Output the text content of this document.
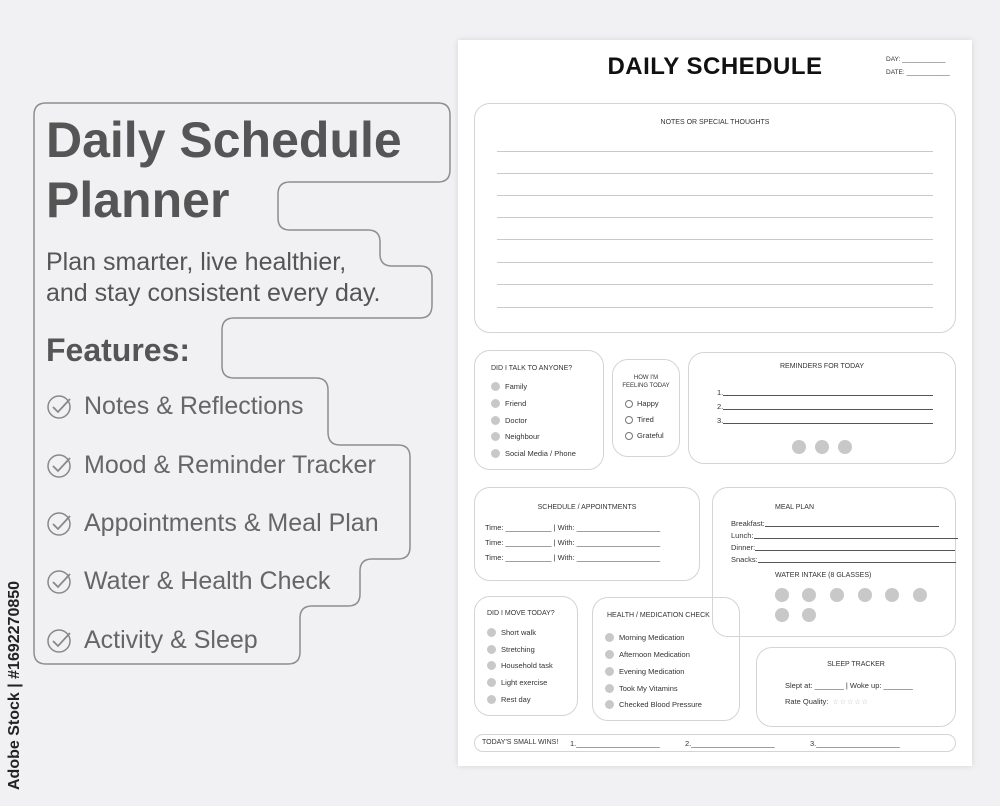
Daily Schedule
Planner
Plan smarter, live healthier,
and stay consistent every day.
Features:
Notes & Reflections
Mood & Reminder Tracker
Appointments & Meal Plan
Water & Health Check
Activity & Sleep
Adobe Stock | #1692270850
DAILY SCHEDULE	DAY: ____________
DATE: ____________
NOTES OR SPECIAL THOUGHTS
DID I TALK TO ANYONE?
Family
Friend
Doctor
Neighbour
Social Media / Phone
HOW I'M
FEELING TODAY
Happy
Tired
Grateful
REMINDERS FOR TODAY
1.
2.
3.
SCHEDULE / APPOINTMENTS
Time: ___________
| With: ____________________
Time: ___________
| With: ____________________
Time: ___________
| With: ____________________
MEAL PLAN
Breakfast:
Lunch:
Dinner:
Snacks:
WATER INTAKE (8 GLASSES)
DID I MOVE TODAY?
Short walk
Stretching
Household task
Light exercise
Rest day
HEALTH / MEDICATION CHECK
Morning Medication
Afternoon Medication
Evening Medication
Took My Vitamins
Checked Blood Pressure
SLEEP TRACKER
Slept at: _______ | Woke up: _______
Rate Quality:
☆☆☆☆☆
TODAY'S SMALL WINS! 1.____________________	2.____________________	3.____________________
